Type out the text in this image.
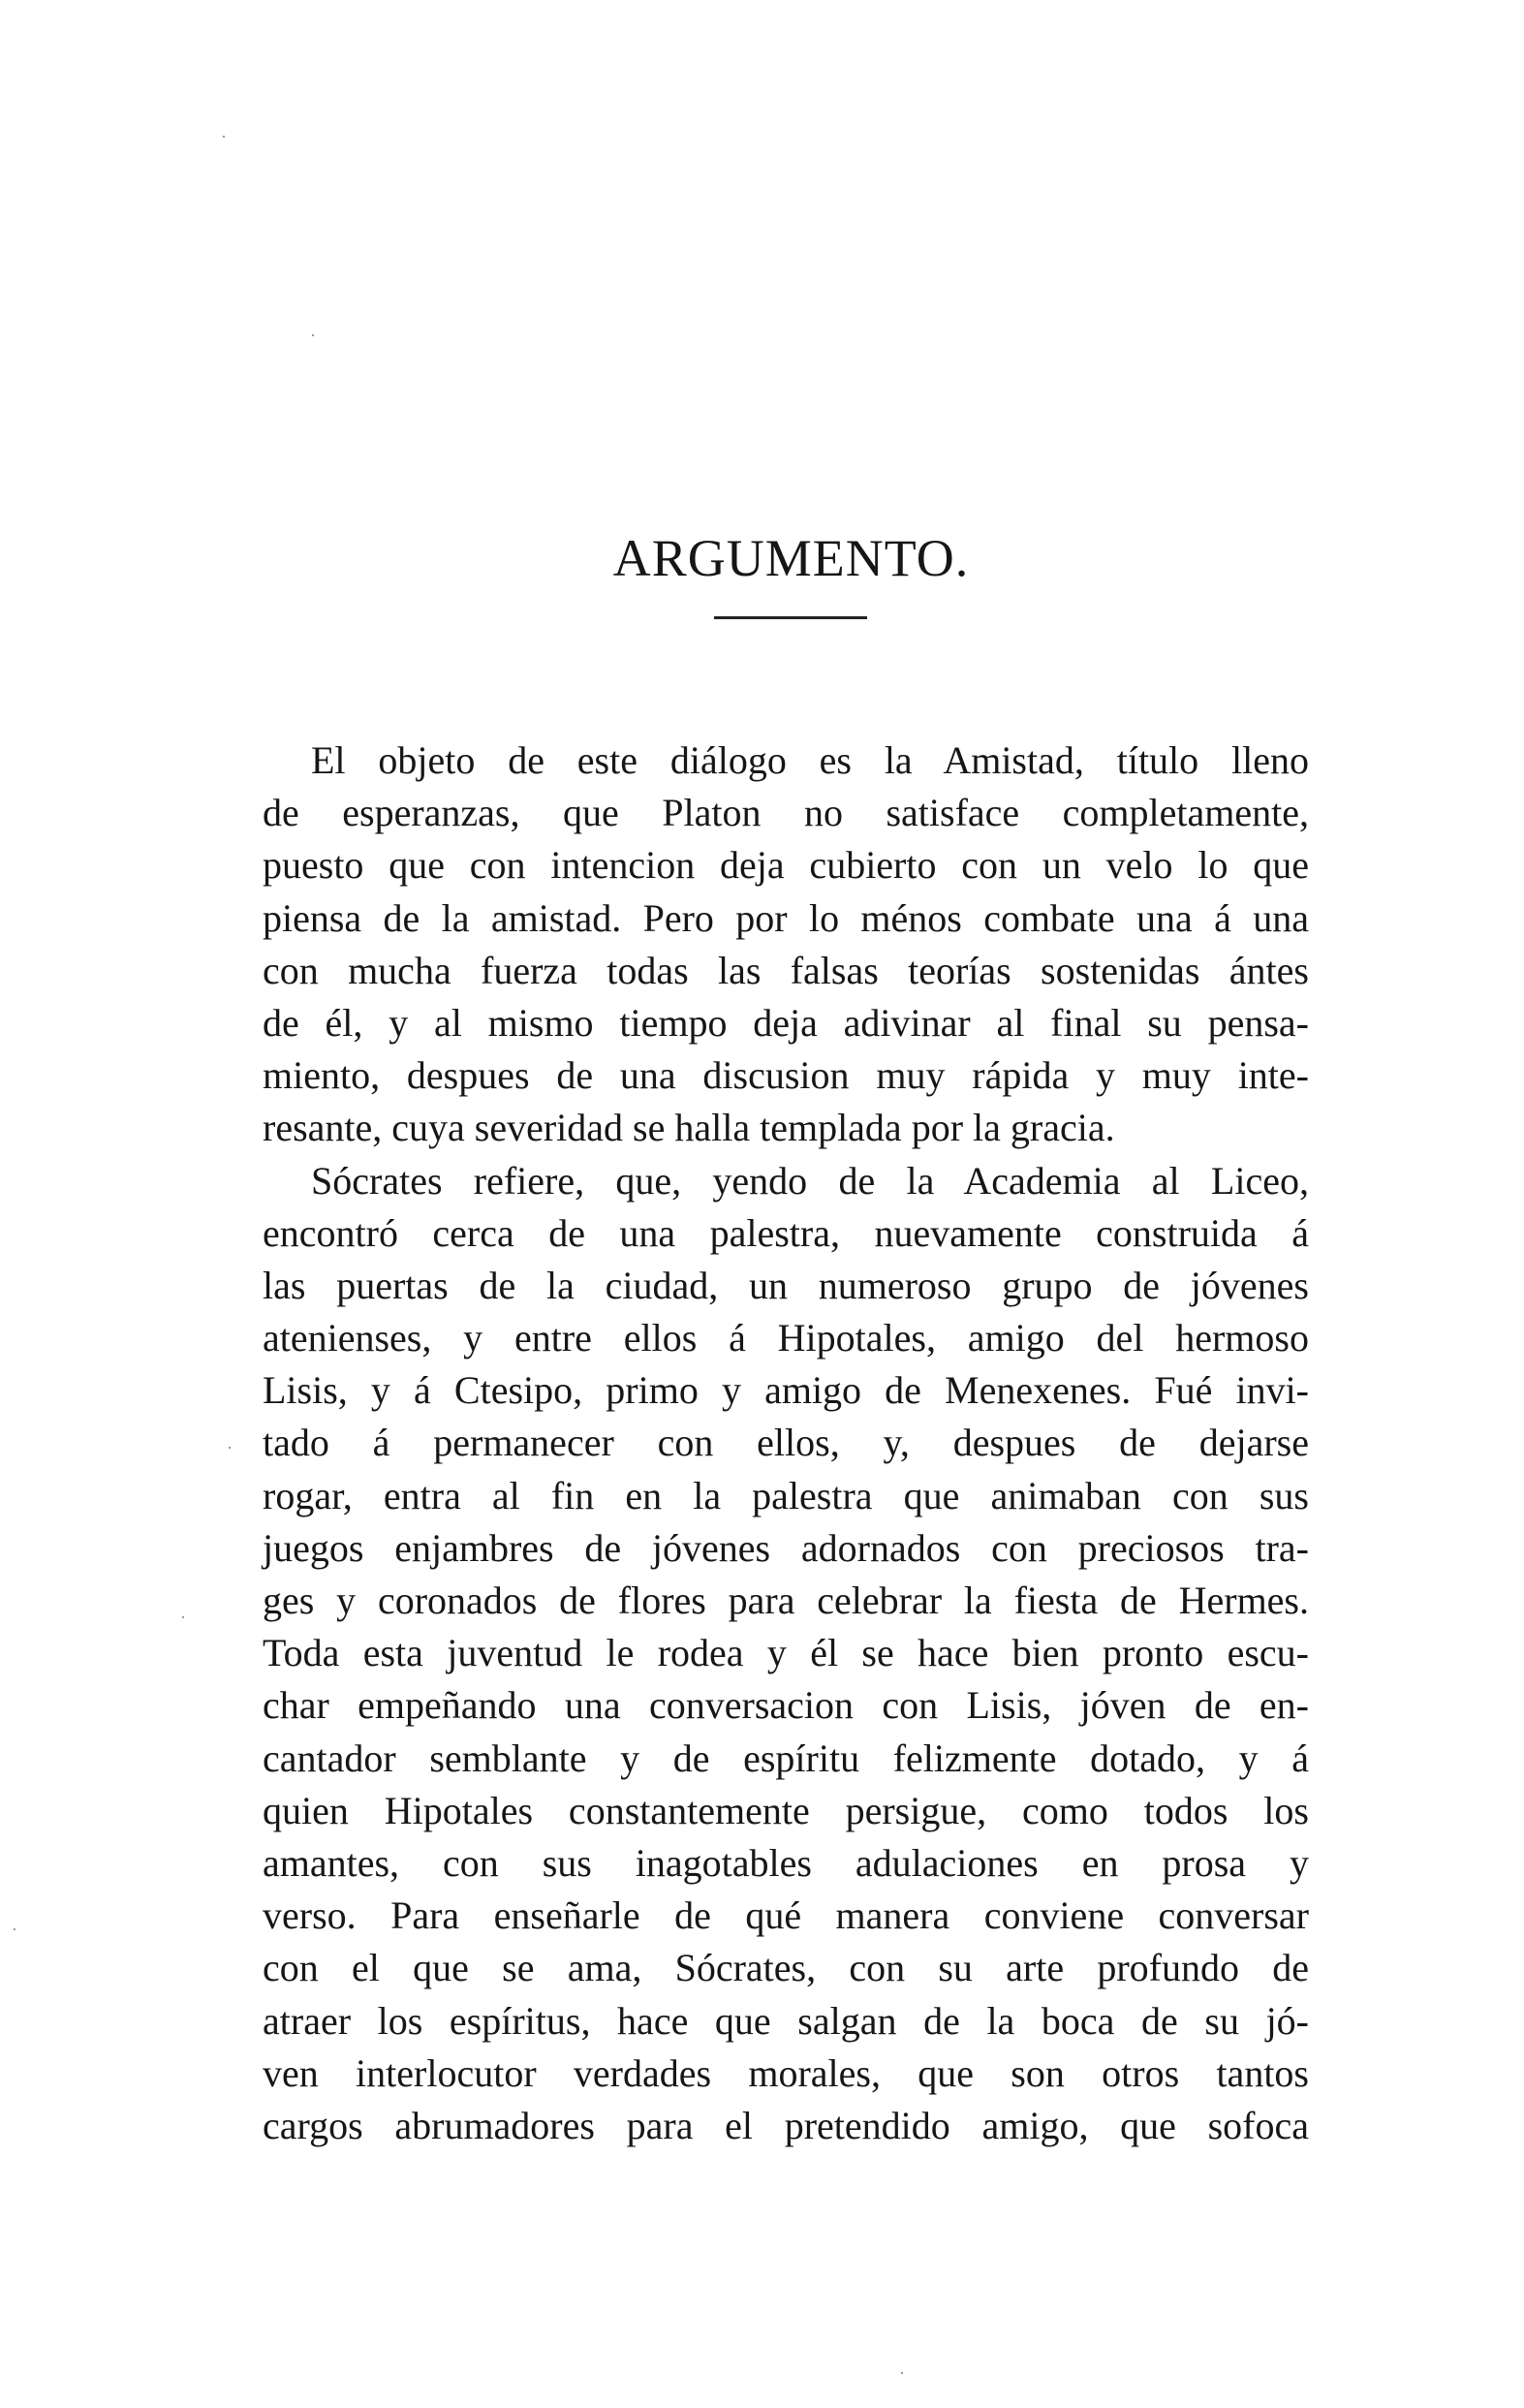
ARGUMENTO.
El objeto de este diálogo es la Amistad, título lleno
de esperanzas, que Platon no satisface completamente,
puesto que con intencion deja cubierto con un velo lo que
piensa de la amistad. Pero por lo ménos combate una á una
con mucha fuerza todas las falsas teorías sostenidas ántes
de él, y al mismo tiempo deja adivinar al final su pensa-
miento, despues de una discusion muy rápida y muy inte-
resante, cuya severidad se halla templada por la gracia.
Sócrates refiere, que, yendo de la Academia al Liceo,
encontró cerca de una palestra, nuevamente construida á
las puertas de la ciudad, un numeroso grupo de jóvenes
atenienses, y entre ellos á Hipotales, amigo del hermoso
Lisis, y á Ctesipo, primo y amigo de Menexenes. Fué invi-
tado á permanecer con ellos, y, despues de dejarse
rogar, entra al fin en la palestra que animaban con sus
juegos enjambres de jóvenes adornados con preciosos tra-
ges y coronados de flores para celebrar la fiesta de Hermes.
Toda esta juventud le rodea y él se hace bien pronto escu-
char empeñando una conversacion con Lisis, jóven de en-
cantador semblante y de espíritu felizmente dotado, y á
quien Hipotales constantemente persigue, como todos los
amantes, con sus inagotables adulaciones en prosa y
verso. Para enseñarle de qué manera conviene conversar
con el que se ama, Sócrates, con su arte profundo de
atraer los espíritus, hace que salgan de la boca de su jó-
ven interlocutor verdades morales, que son otros tantos
cargos abrumadores para el pretendido amigo, que sofoca
